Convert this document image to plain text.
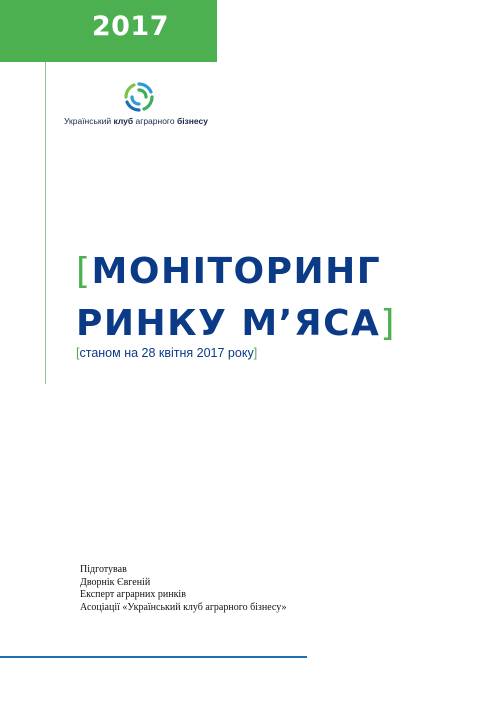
2017
Український клуб аграрного бізнесу
[МОНІТОРИНГ
РИНКУ М’ЯСА]
[станом на 28 квітня 2017 року]
Підготував
Дворнік Євгеній
Експерт аграрних ринків
Асоціації «Український клуб аграрного бізнесу»
